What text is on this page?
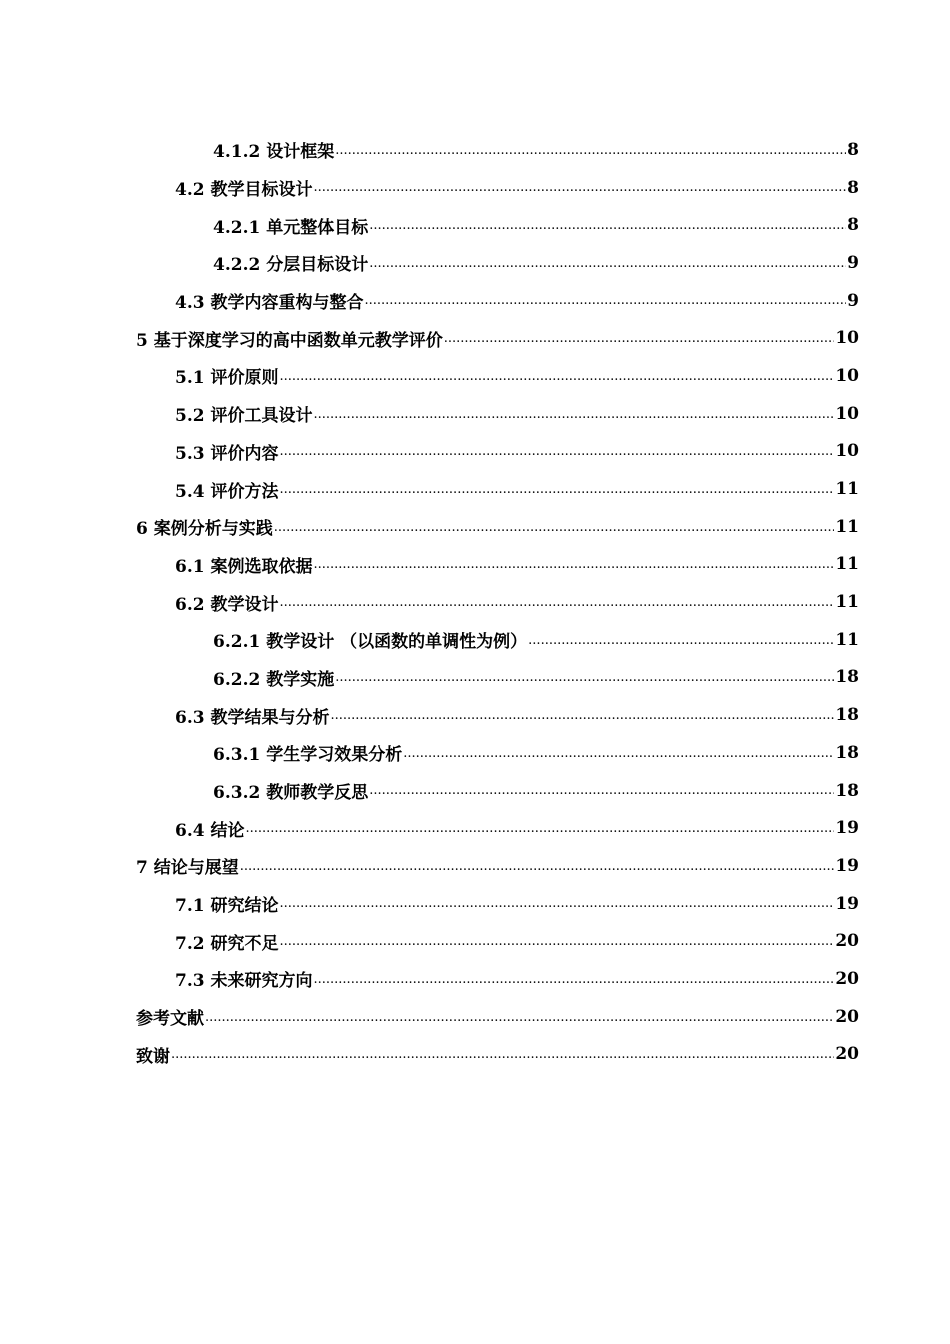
4.1.2 设计框架 .....	8
4.2 教学目标设计 .....	8
4.2.1 单元整体目标 .....	8
4.2.2 分层目标设计 .....	9
4.3 教学内容重构与整合 .....	9
5 基于深度学习的高中函数单元教学评价 .....	10
5.1 评价原则 .....	10
5.2 评价工具设计 .....	10
5.3 评价内容 .....	10
5.4 评价方法 .....	11
6 案例分析与实践 .....	11
6.1 案例选取依据 .....	11
6.2 教学设计 .....	11
6.2.1 教学设计 （以函数的单调性为例） .....	11
6.2.2 教学实施 .....	18
6.3 教学结果与分析 .....	18
6.3.1 学生学习效果分析 .....	18
6.3.2 教师教学反思 .....	18
6.4 结论 .....	19
7 结论与展望 .....	19
7.1 研究结论 .....	19
7.2 研究不足 .....	20
7.3 未来研究方向 .....	20
参考文献 .....	20
致谢 .....	20
